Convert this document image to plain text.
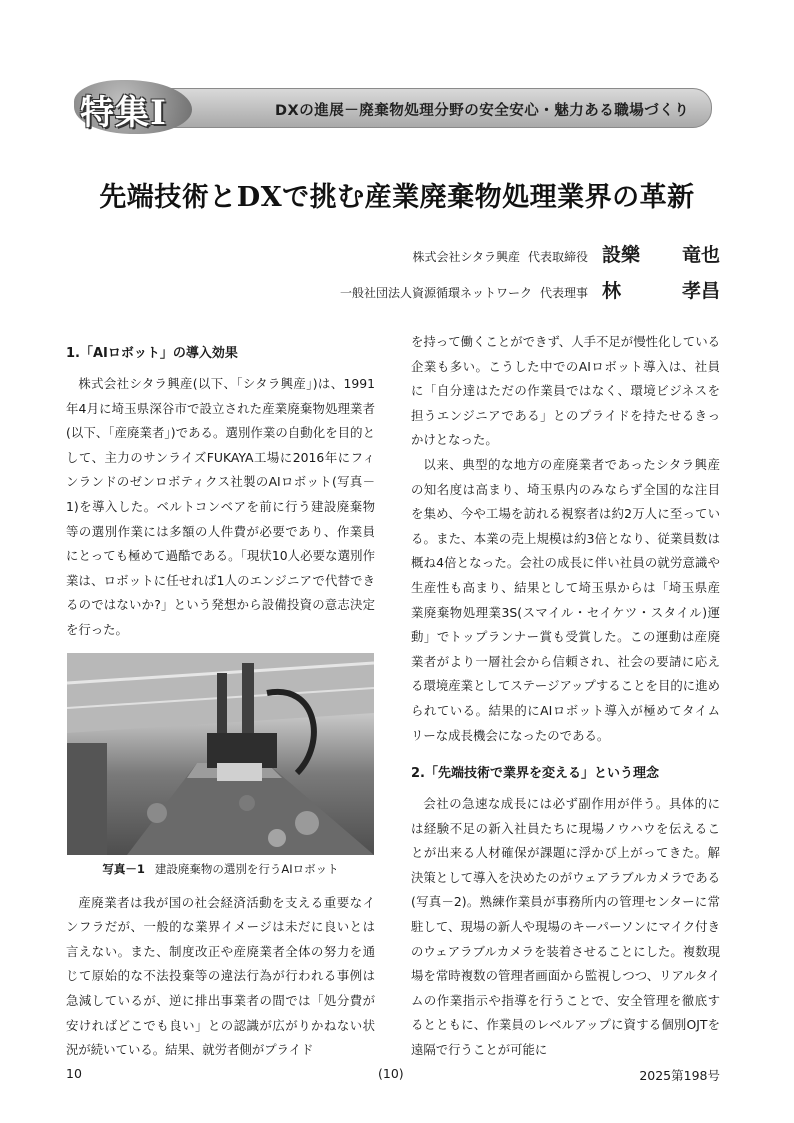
特集Ⅰ	DXの進展－廃棄物処理分野の安全安心・魅力ある職場づくり
先端技術とDXで挑む産業廃棄物処理業界の革新
株式会社シタラ興産 代表取締役 設樂 竜也
一般社団法人資源循環ネットワーク 代表理事 林	孝昌
1.「AIロボット」の導入効果

株式会社シタラ興産(以下、「シタラ興産」)は、1991年4月に埼玉県深谷市で設立された産業廃棄物処理業者(以下、「産廃業者」)である。選別作業の自動化を目的として、主力のサンライズFUKAYA工場に2016年にフィンランドのゼンロボティクス社製のAIロボット(写真－1)を導入した。ベルトコンベアを前に行う建設廃棄物等の選別作業には多額の人件費が必要であり、作業員にとっても極めて過酷である。「現状10人必要な選別作業は、ロボットに任せれば1人のエンジニアで代替できるのではないか?」という発想から設備投資の意志決定を行った。

写真－1 建設廃棄物の選別を行うAIロボット

産廃業者は我が国の社会経済活動を支える重要なインフラだが、一般的な業界イメージは未だに良いとは言えない。また、制度改正や産廃業者全体の努力を通じて原始的な不法投棄等の違法行為が行われる事例は急減しているが、逆に排出事業者の間では「処分費が安ければどこでも良い」との認識が広がりかねない状況が続いている。結果、就労者側がプライド

を持って働くことができず、人手不足が慢性化している企業も多い。こうした中でのAIロボット導入は、社員に「自分達はただの作業員ではなく、環境ビジネスを担うエンジニアである」とのプライドを持たせるきっかけとなった。

以来、典型的な地方の産廃業者であったシタラ興産の知名度は高まり、埼玉県内のみならず全国的な注目を集め、今や工場を訪れる視察者は約2万人に至っている。また、本業の売上規模は約3倍となり、従業員数は概ね4倍となった。会社の成長に伴い社員の就労意識や生産性も高まり、結果として埼玉県からは「埼玉県産業廃棄物処理業3S(スマイル・セイケツ・スタイル)運動」でトップランナー賞も受賞した。この運動は産廃業者がより一層社会から信頼され、社会の要請に応える環境産業としてステージアップすることを目的に進められている。結果的にAIロボット導入が極めてタイムリーな成長機会になったのである。

2.「先端技術で業界を変える」という理念

会社の急速な成長には必ず副作用が伴う。具体的には経験不足の新入社員たちに現場ノウハウを伝えることが出来る人材確保が課題に浮かび上がってきた。解決策として導入を決めたのがウェアラブルカメラである(写真－2)。熟練作業員が事務所内の管理センターに常駐して、現場の新人や現場のキーパーソンにマイク付きのウェアラブルカメラを装着させることにした。複数現場を常時複数の管理者画面から監視しつつ、リアルタイムの作業指示や指導を行うことで、安全管理を徹底するとともに、作業員のレベルアップに資する個別OJTを遠隔で行うことが可能に

10	(10)	2025第198号
